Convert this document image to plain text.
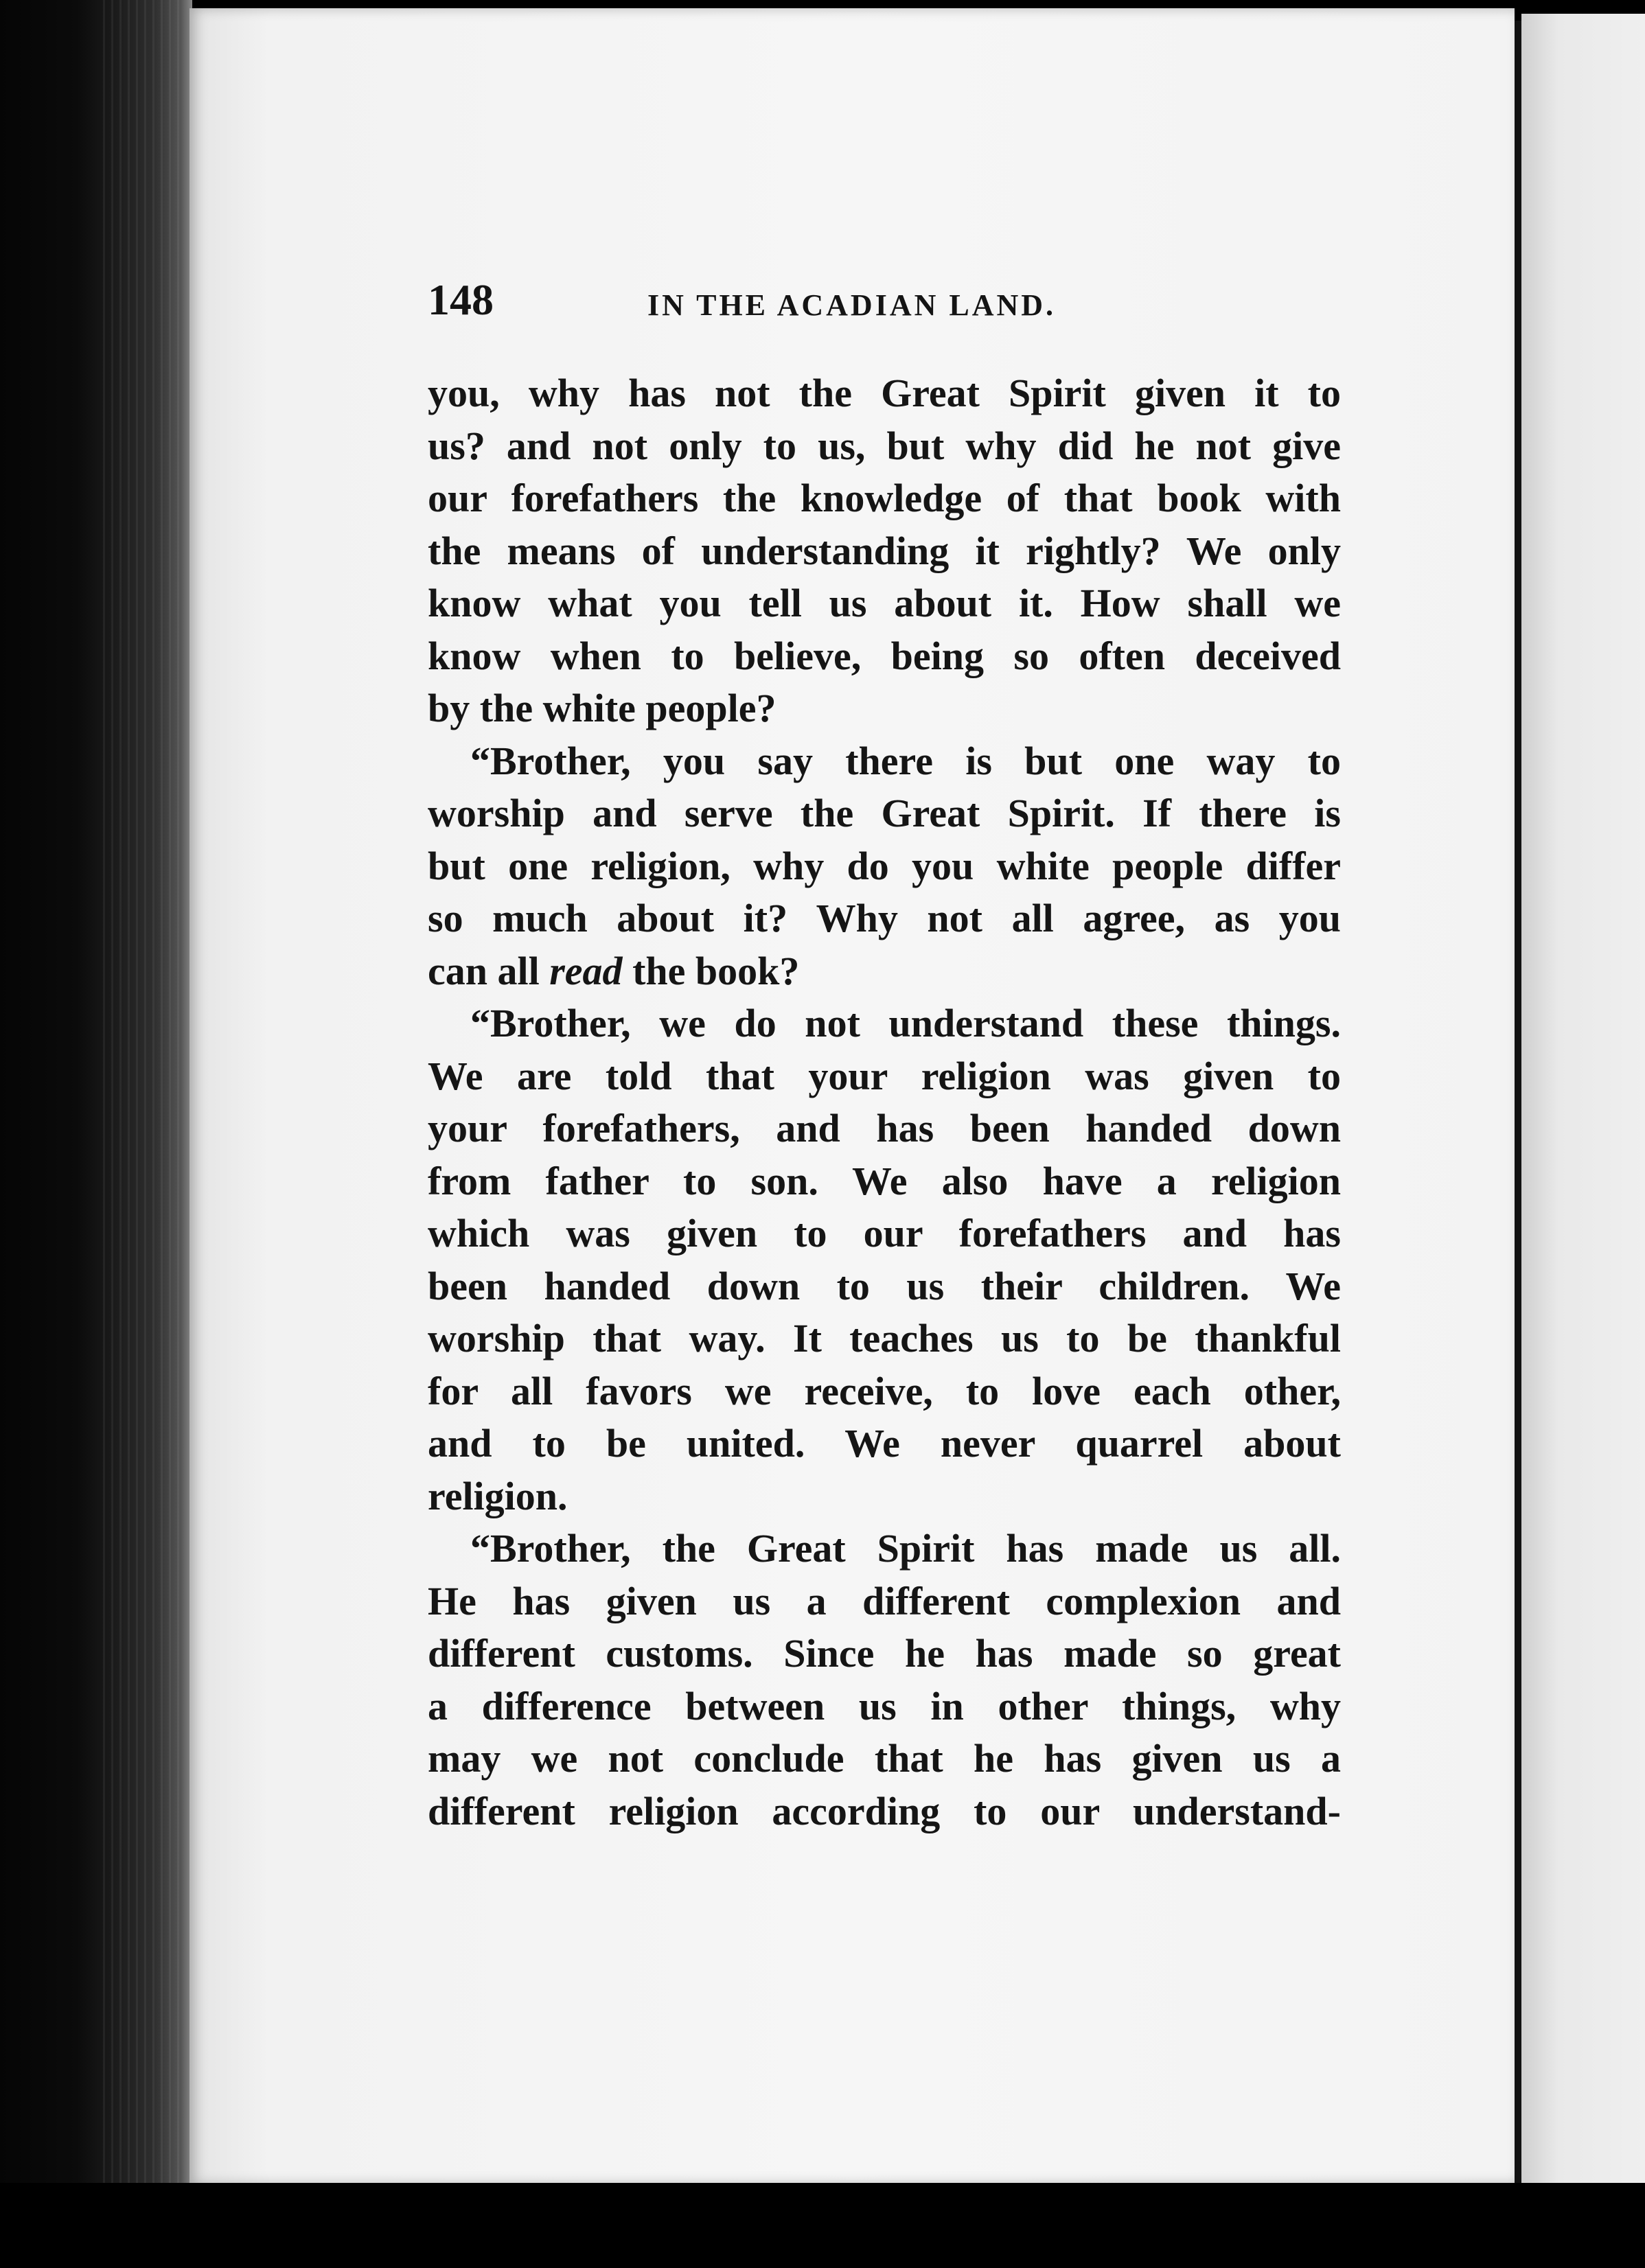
148	IN THE ACADIAN LAND.
you, why has not the Great Spirit given it to
us? and not only to us, but why did he not give
our forefathers the knowledge of that book with
the means of understanding it rightly? We only
know what you tell us about it. How shall we
know when to believe, being so often deceived
by the white people?
“Brother, you say there is but one way to
worship and serve the Great Spirit. If there is
but one religion, why do you white people differ
so much about it? Why not all agree, as you
can all read the book?
“Brother, we do not understand these things.
We are told that your religion was given to
your forefathers, and has been handed down
from father to son. We also have a religion
which was given to our forefathers and has
been handed down to us their children. We
worship that way. It teaches us to be thankful
for all favors we receive, to love each other,
and to be united. We never quarrel about
religion.
“Brother, the Great Spirit has made us all.
He has given us a different complexion and
different customs. Since he has made so great
a difference between us in other things, why
may we not conclude that he has given us a
different religion according to our understand-
